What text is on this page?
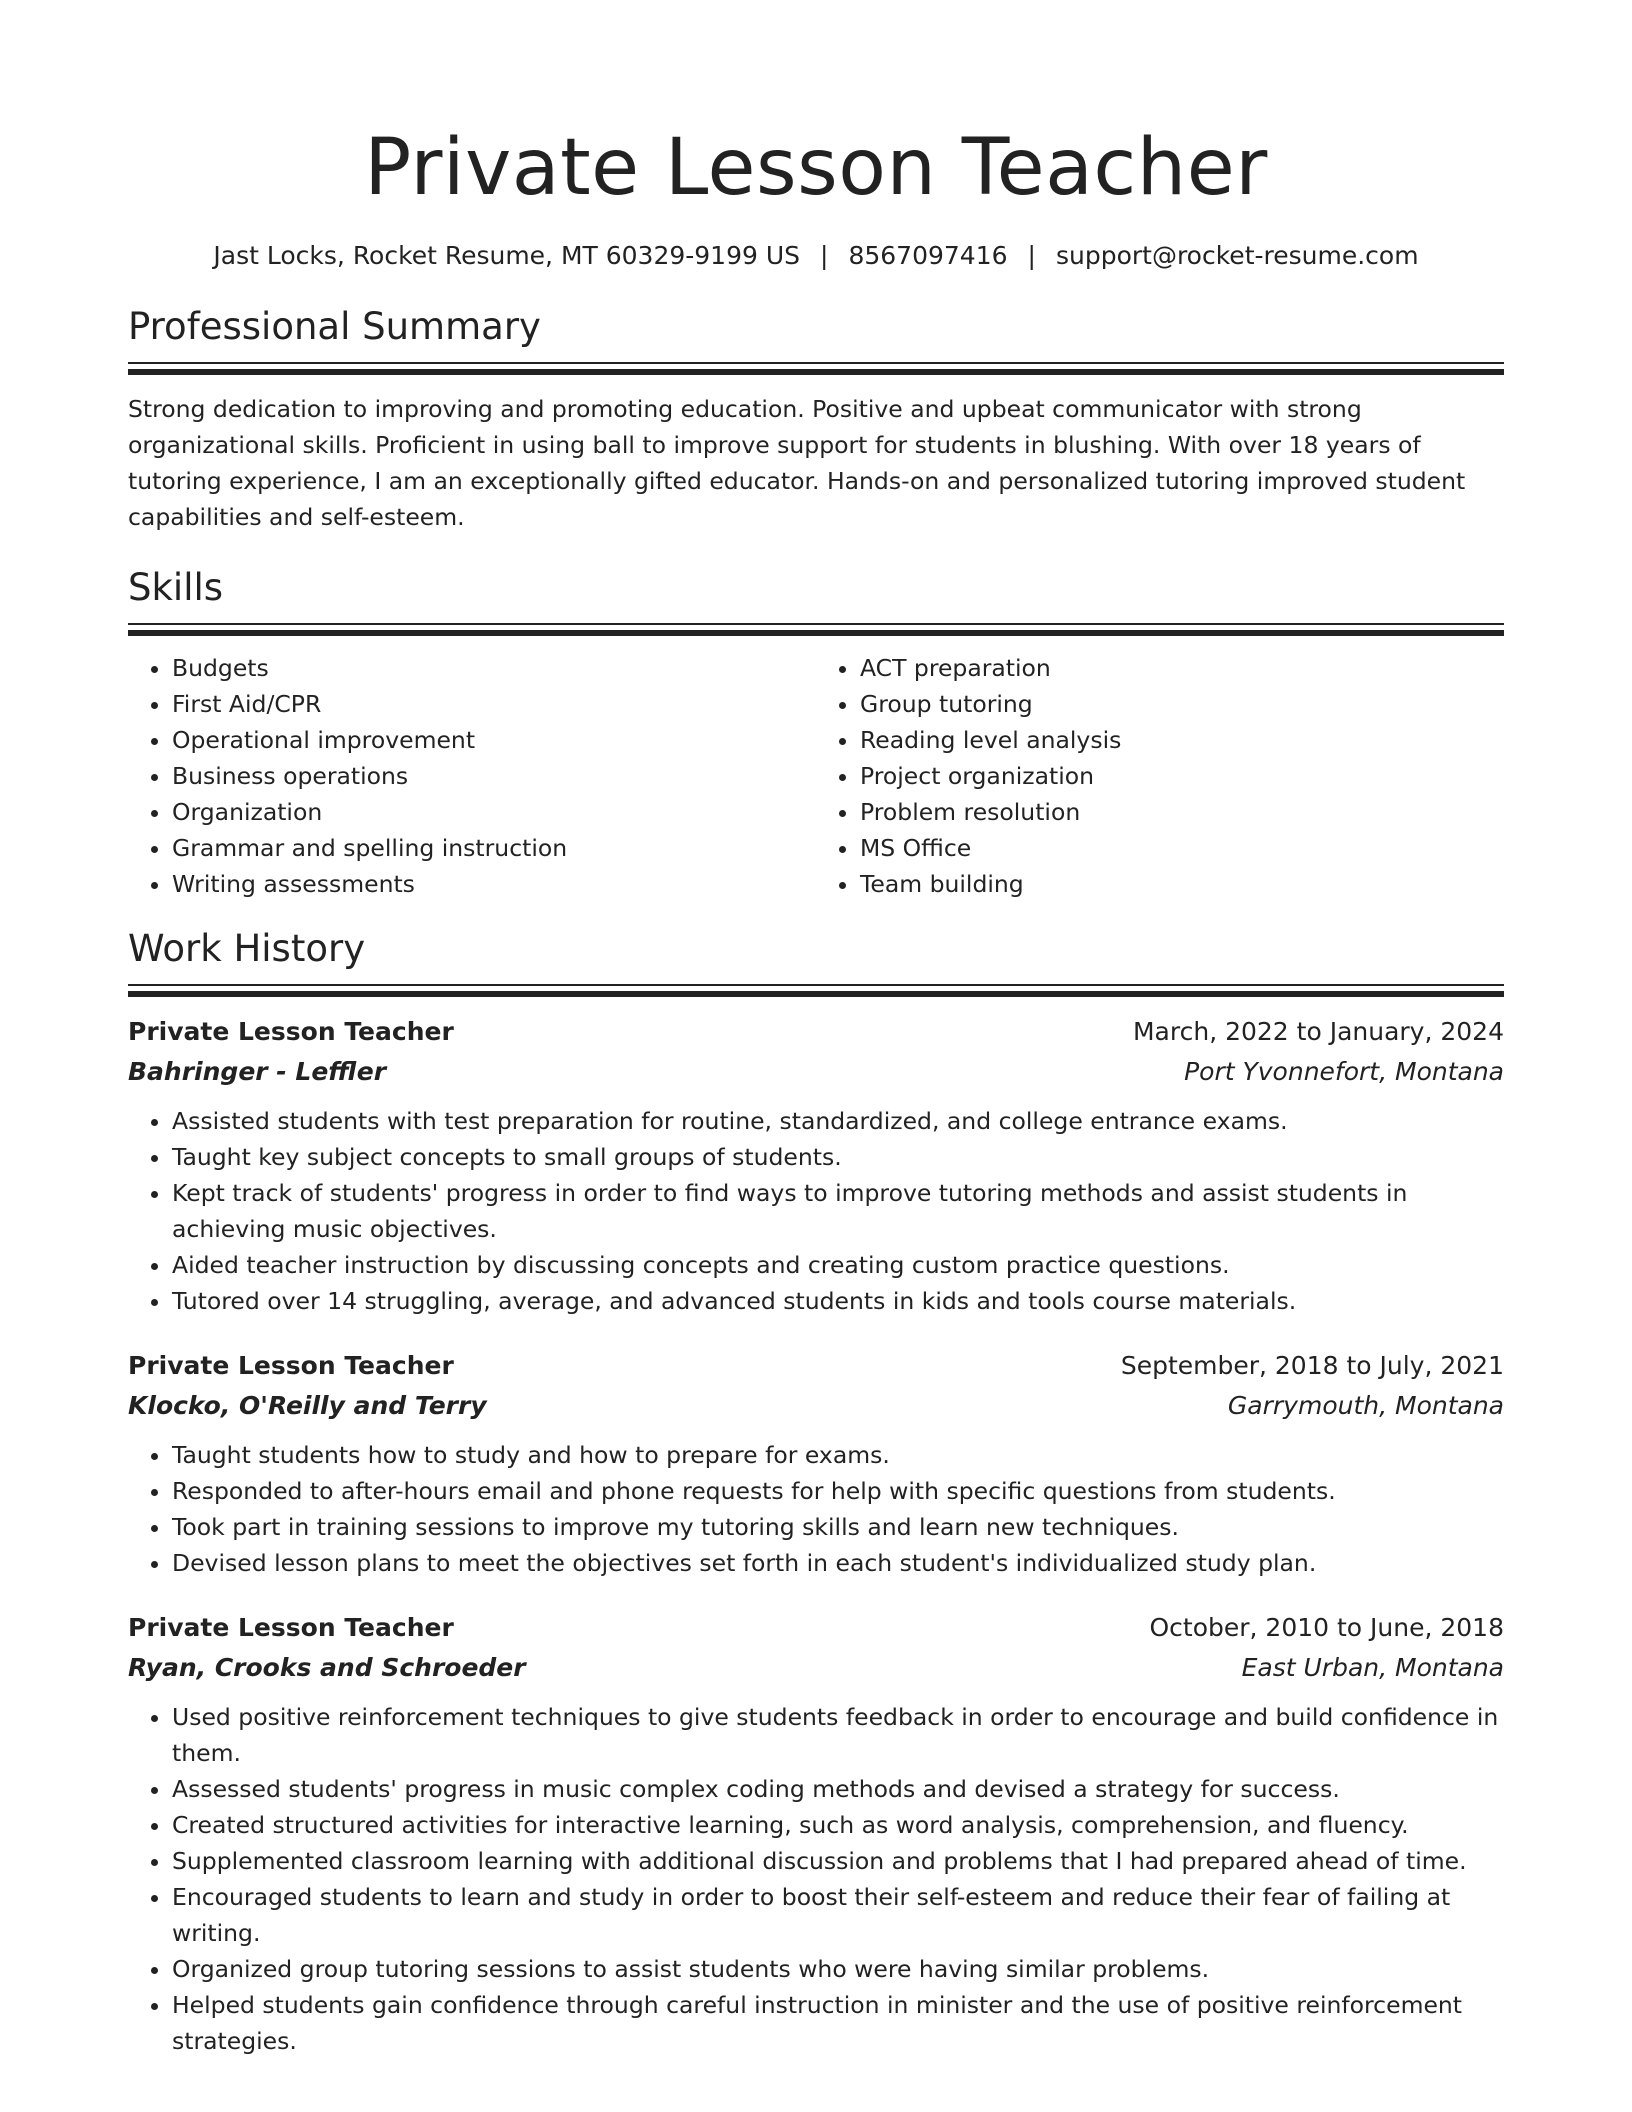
Private Lesson Teacher
Jast Locks, Rocket Resume, MT 60329-9199 US | 8567097416 | support@rocket-resume.com
Professional Summary

Strong dedication to improving and promoting education. Positive and upbeat communicator with strong organizational skills. Proficient in using ball to improve support for students in blushing. With over 18 years of tutoring experience, I am an exceptionally gifted educator. Hands-on and personalized tutoring improved student capabilities and self-esteem.

Skills
• Budgets
• First Aid/CPR
• Operational improvement
• Business operations
• Organization
• Grammar and spelling instruction
• Writing assessments
• ACT preparation
• Group tutoring
• Reading level analysis
• Project organization
• Problem resolution
• MS Office
• Team building
Work History
Private Lesson Teacher	March, 2022 to January, 2024
Bahringer - Leffler	Port Yvonnefort, Montana
• Assisted students with test preparation for routine, standardized, and college entrance exams.
• Taught key subject concepts to small groups of students.
• Kept track of students' progress in order to find ways to improve tutoring methods and assist students in achieving music objectives.
• Aided teacher instruction by discussing concepts and creating custom practice questions.
• Tutored over 14 struggling, average, and advanced students in kids and tools course materials.
Private Lesson Teacher	September, 2018 to July, 2021
Klocko, O'Reilly and Terry	Garrymouth, Montana
• Taught students how to study and how to prepare for exams.
• Responded to after-hours email and phone requests for help with specific questions from students.
• Took part in training sessions to improve my tutoring skills and learn new techniques.
• Devised lesson plans to meet the objectives set forth in each student's individualized study plan.
Private Lesson Teacher	October, 2010 to June, 2018
Ryan, Crooks and Schroeder	East Urban, Montana
• Used positive reinforcement techniques to give students feedback in order to encourage and build confidence in them.
• Assessed students' progress in music complex coding methods and devised a strategy for success.
• Created structured activities for interactive learning, such as word analysis, comprehension, and fluency.
• Supplemented classroom learning with additional discussion and problems that I had prepared ahead of time.
• Encouraged students to learn and study in order to boost their self-esteem and reduce their fear of failing at writing.
• Organized group tutoring sessions to assist students who were having similar problems.
• Helped students gain confidence through careful instruction in minister and the use of positive reinforcement strategies.
